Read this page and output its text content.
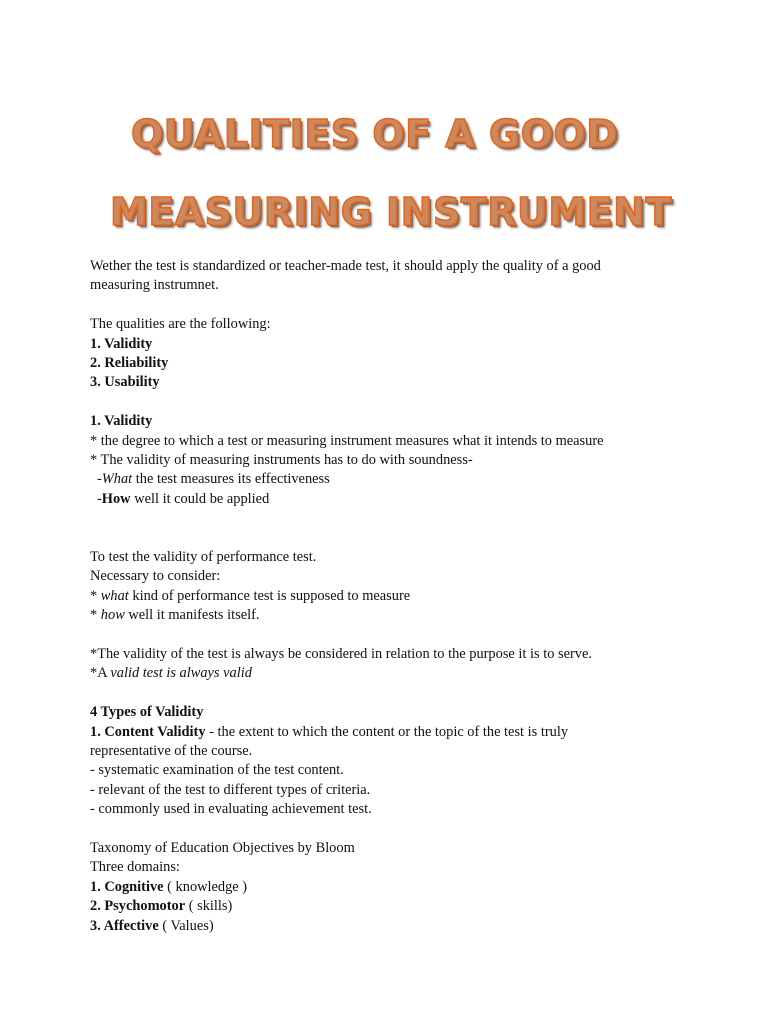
QUALITIES OF A GOOD
MEASURING INSTRUMENT

Wether the test is standardized or teacher-made test, it should apply the quality of a good

measuring instrumnet.

The qualities are the following:

1. Validity

2. Reliability

3. Usability

1. Validity

* the degree to which a test or measuring instrument measures what it intends to measure

* The validity of measuring instruments has to do with soundness-

-What the test measures its effectiveness

-How well it could be applied

To test the validity of performance test.

Necessary to consider:

* what kind of performance test is supposed to measure

* how well it manifests itself.

*The validity of the test is always be considered in relation to the purpose it is to serve.

*A valid test is always valid

4 Types of Validity

1. Content Validity - the extent to which the content or the topic of the test is truly

representative of the course.

- systematic examination of the test content.

- relevant of the test to different types of criteria.

- commonly used in evaluating achievement test.

Taxonomy of Education Objectives by Bloom

Three domains:

1. Cognitive ( knowledge )

2. Psychomotor ( skills)

3. Affective ( Values)
